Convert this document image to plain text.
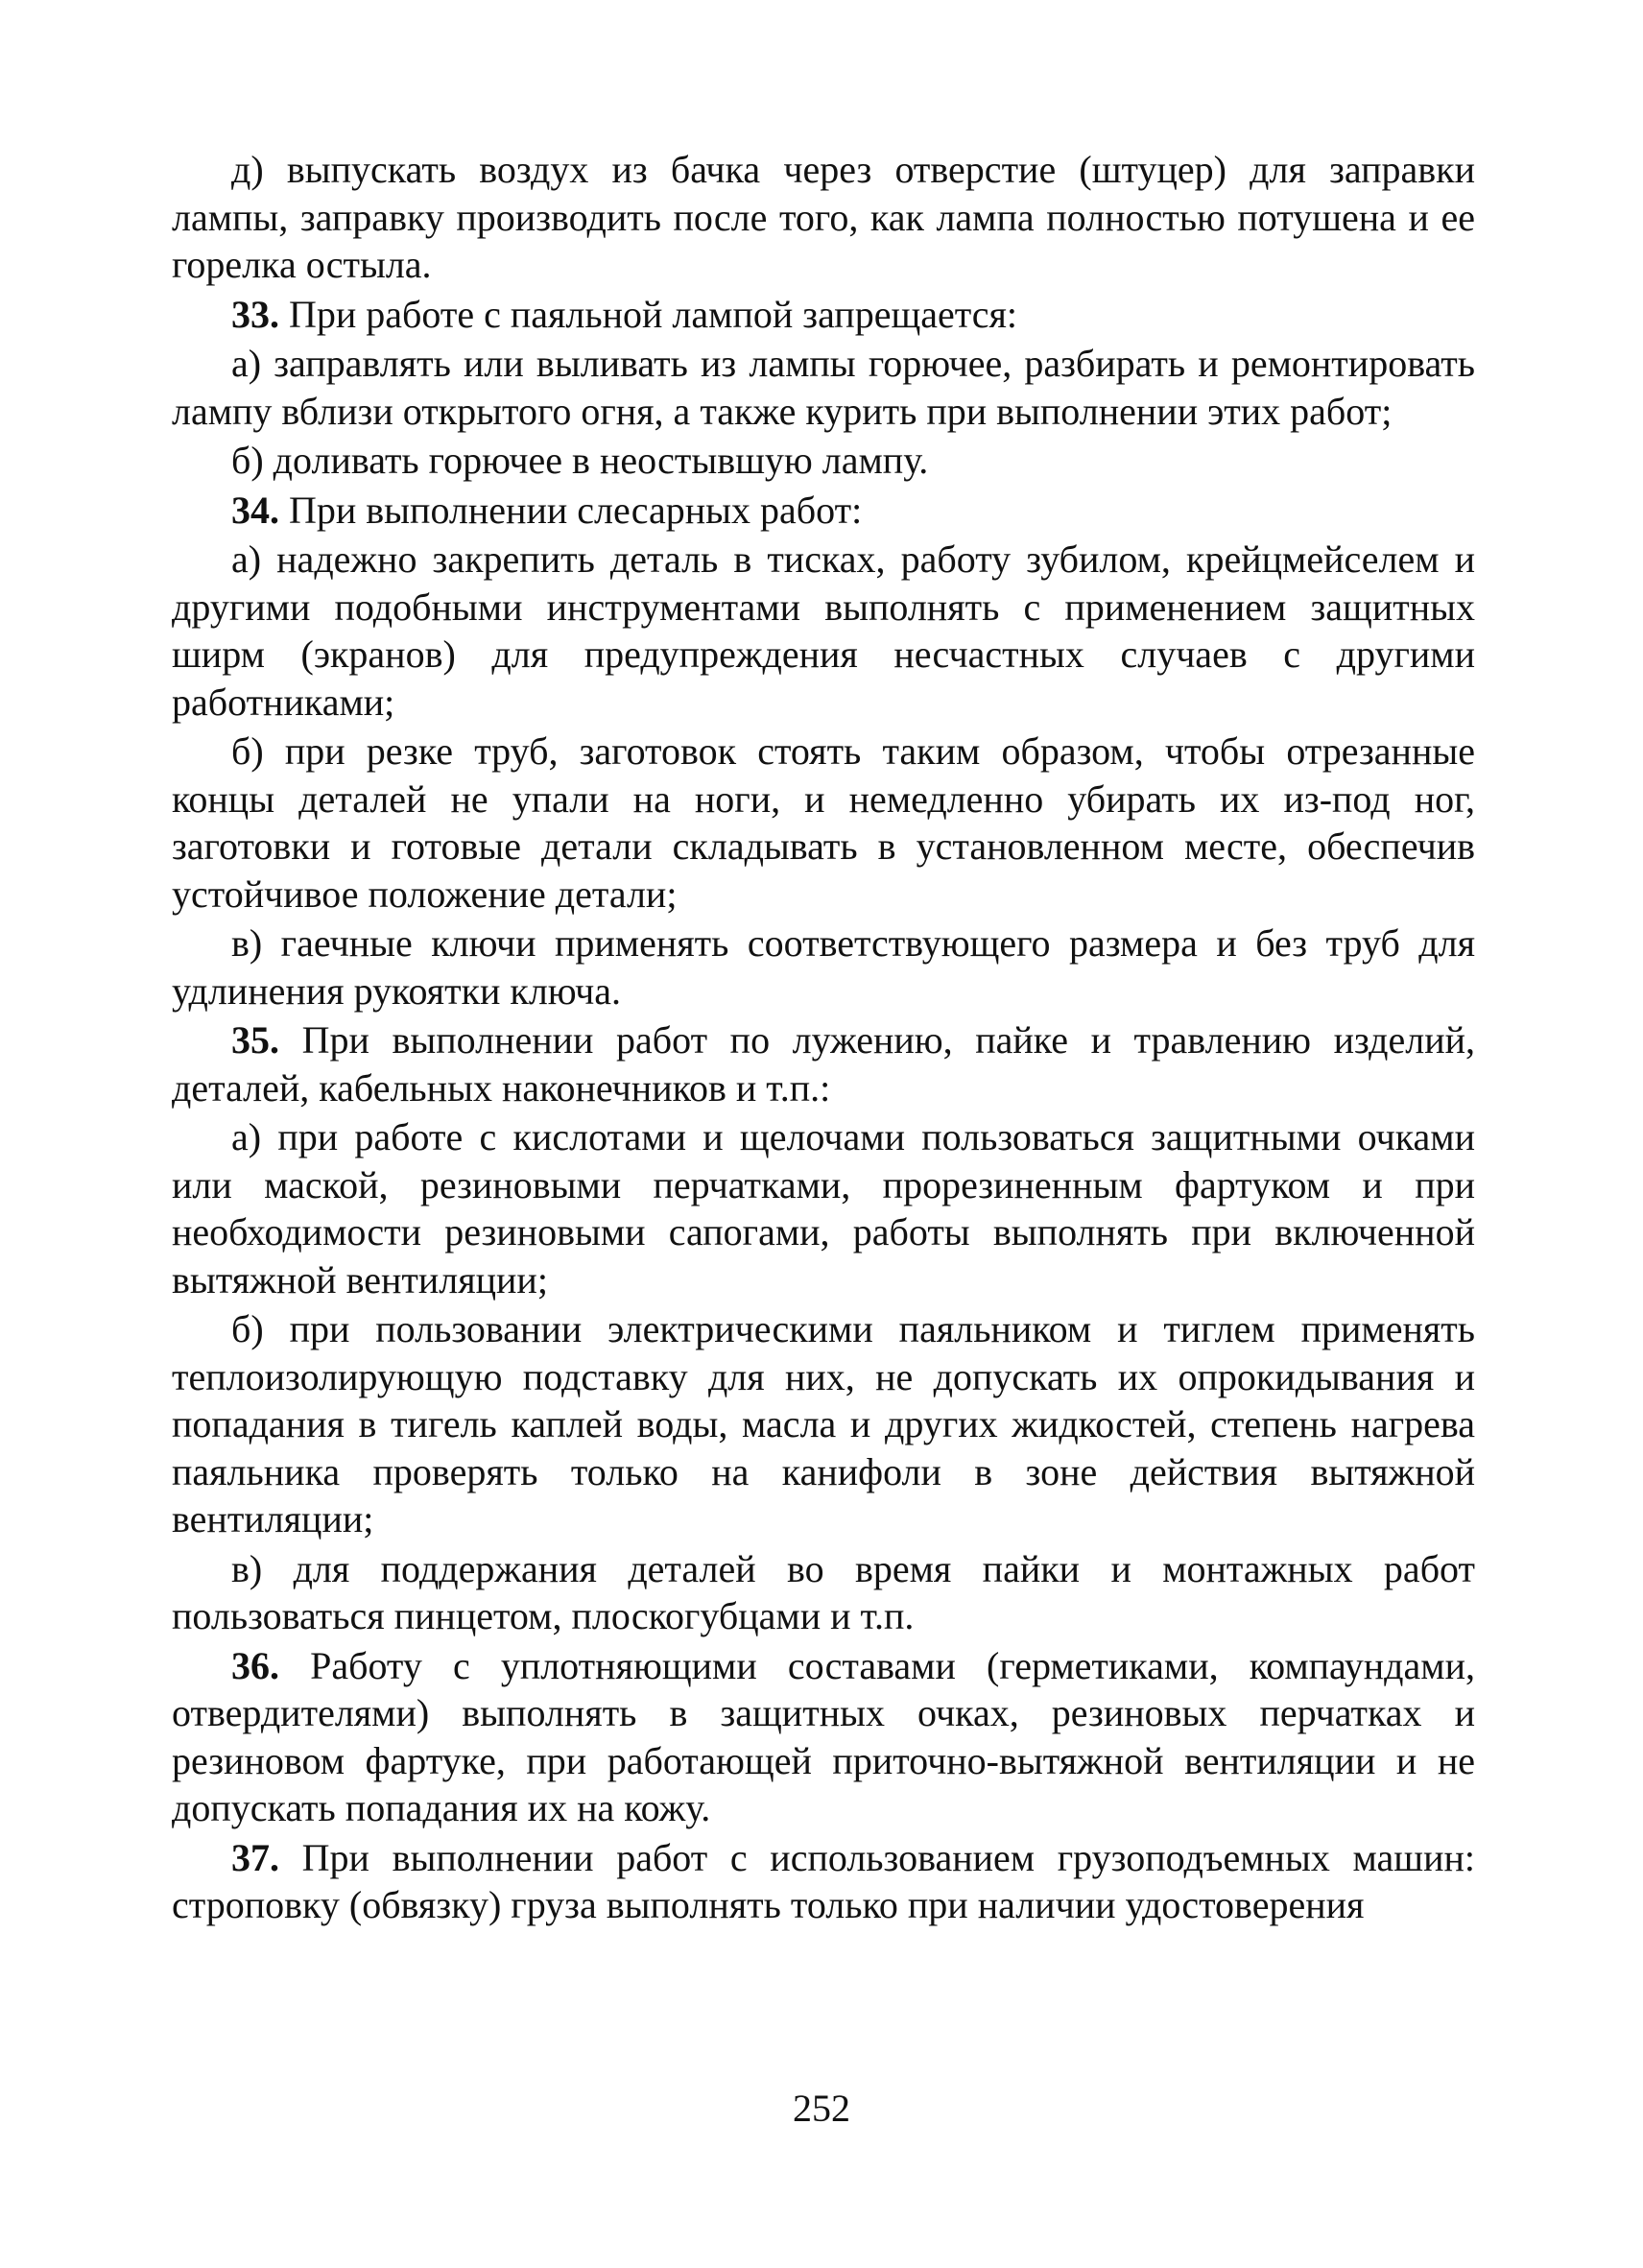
д) выпускать воздух из бачка через отверстие (штуцер) для заправки лампы, заправку производить после того, как лампа полностью потушена и ее горелка остыла.

33. При работе с паяльной лампой запрещается:

а) заправлять или выливать из лампы горючее, разбирать и ремонтировать лампу вблизи открытого огня, а также курить при выполнении этих работ;

б) доливать горючее в неостывшую лампу.

34. При выполнении слесарных работ:

а) надежно закрепить деталь в тисках, работу зубилом, крейцмейселем и другими подобными инструментами выполнять с применением защитных ширм (экранов) для предупреждения несчастных случаев с другими работниками;

б) при резке труб, заготовок стоять таким образом, чтобы отрезанные концы деталей не упали на ноги, и немедленно убирать их из-под ног, заготовки и готовые детали складывать в установленном месте, обеспечив устойчивое положение детали;

в) гаечные ключи применять соответствующего размера и без труб для удлинения рукоятки ключа.

35. При выполнении работ по лужению, пайке и травлению изделий, деталей, кабельных наконечников и т.п.:

а) при работе с кислотами и щелочами пользоваться защитными очками или маской, резиновыми перчатками, прорезиненным фартуком и при необходимости резиновыми сапогами, работы выполнять при включенной вытяжной вентиляции;

б) при пользовании электрическими паяльником и тиглем применять теплоизолирующую подставку для них, не допускать их опрокидывания и попадания в тигель каплей воды, масла и других жидкостей, степень нагрева паяльника проверять только на канифоли в зоне действия вытяжной вентиляции;

в) для поддержания деталей во время пайки и монтажных работ пользоваться пинцетом, плоскогубцами и т.п.

36. Работу с уплотняющими составами (герметиками, компаундами, отвердителями) выполнять в защитных очках, резиновых перчатках и резиновом фартуке, при работающей приточно-вытяжной вентиляции и не допускать попадания их на кожу.

37. При выполнении работ с использованием грузоподъемных машин: строповку (обвязку) груза выполнять только при наличии удостоверения

252
